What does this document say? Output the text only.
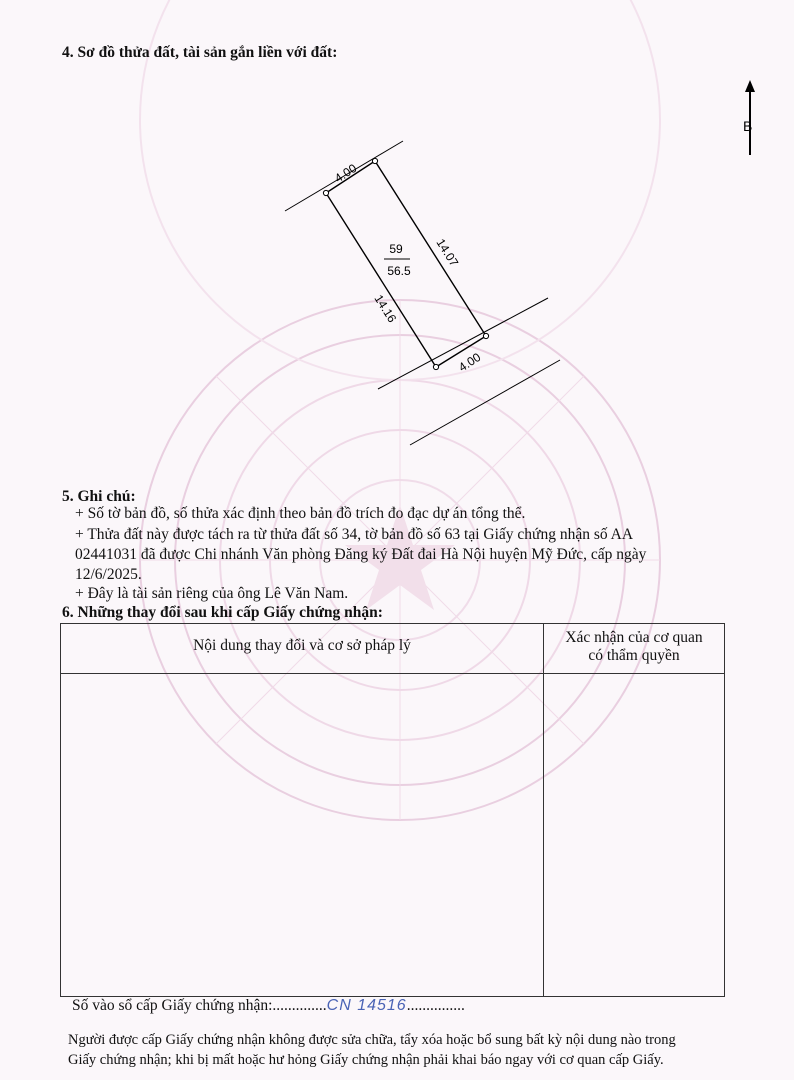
4. Sơ đồ thửa đất, tài sản gắn liền với đất:
B
59
56.5
4.00
4.00
14.07
14.16
5. Ghi chú:
+ Số tờ bản đồ, số thửa xác định theo bản đồ trích đo đạc dự án tổng thể.
+ Thửa đất này được tách ra từ thửa đất số 34, tờ bản đồ số 63 tại Giấy chứng nhận số AA
02441031 đã được Chi nhánh Văn phòng Đăng ký Đất đai Hà Nội huyện Mỹ Đức, cấp ngày
12/6/2025.
+ Đây là tài sản riêng của ông Lê Văn Nam.
6. Những thay đổi sau khi cấp Giấy chứng nhận:
Nội dung thay đổi và cơ sở pháp lý	Xác nhận của cơ quan
có thẩm quyền

Số vào sổ cấp Giấy chứng nhận:..............CN 14516...............
Người được cấp Giấy chứng nhận không được sửa chữa, tẩy xóa hoặc bổ sung bất kỳ nội dung nào trong
Giấy chứng nhận; khi bị mất hoặc hư hỏng Giấy chứng nhận phải khai báo ngay với cơ quan cấp Giấy.
